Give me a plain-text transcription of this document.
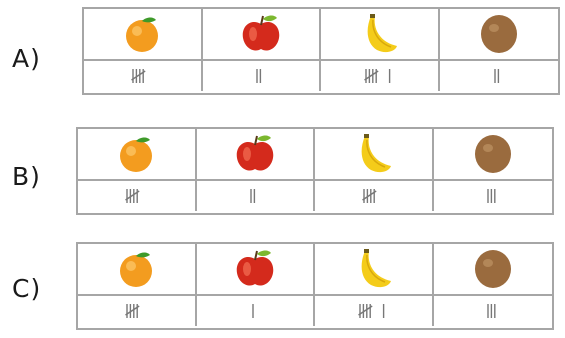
A)
B)
C)
